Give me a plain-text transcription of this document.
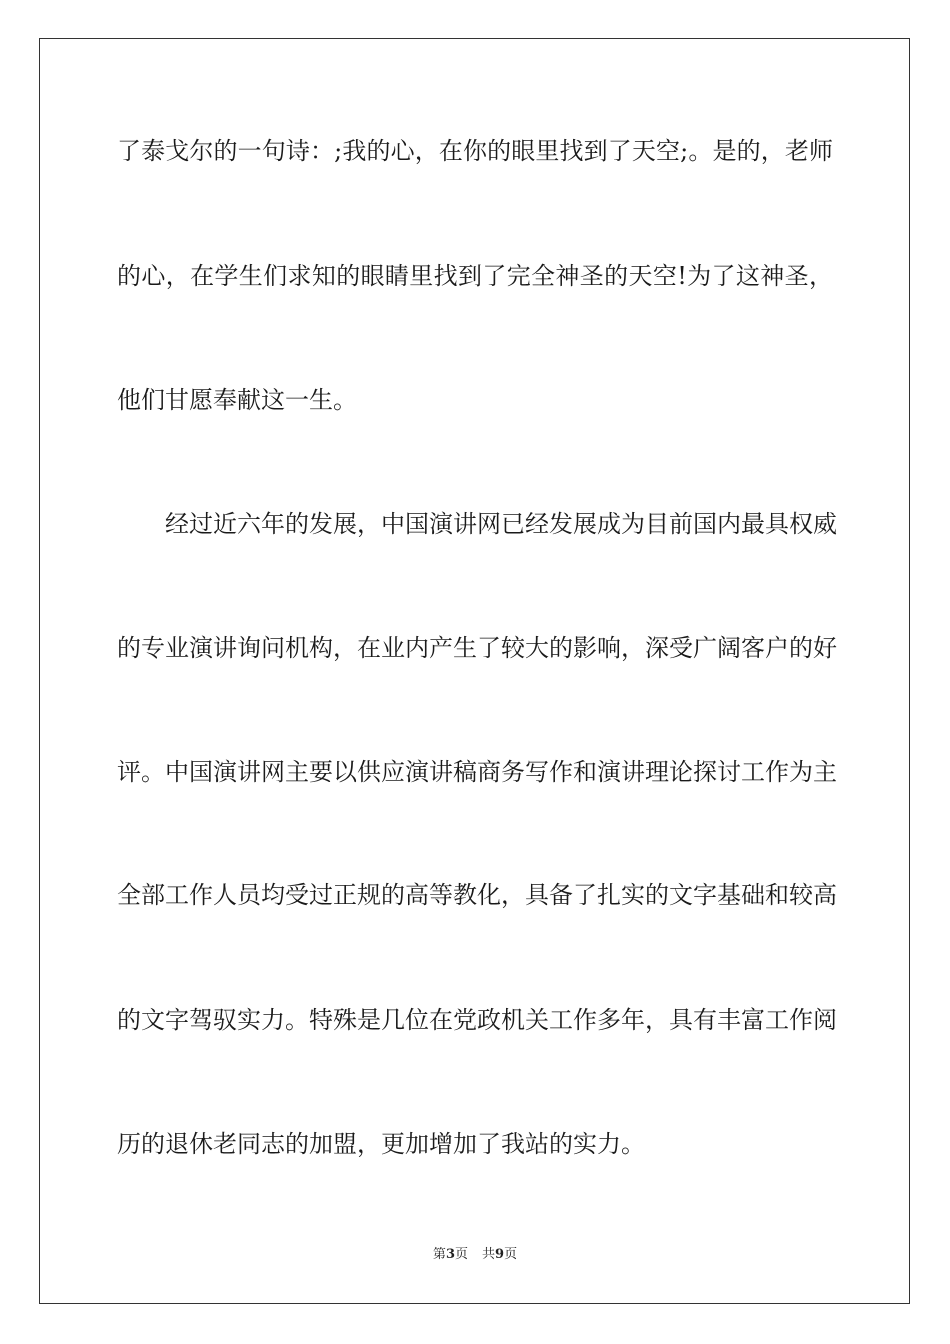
了泰戈尔的一句诗：;我的心，在你的眼里找到了天空;。是的，老师
的心，在学生们求知的眼睛里找到了完全神圣的天空!为了这神圣，
他们甘愿奉献这一生。
经过近六年的发展，中国演讲网已经发展成为目前国内最具权威
的专业演讲询问机构，在业内产生了较大的影响，深受广阔客户的好
评。中国演讲网主要以供应演讲稿商务写作和演讲理论探讨工作为主
全部工作人员均受过正规的高等教化，具备了扎实的文字基础和较高
的文字驾驭实力。特殊是几位在党政机关工作多年，具有丰富工作阅
历的退休老同志的加盟，更加增加了我站的实力。
第3页 共9页
